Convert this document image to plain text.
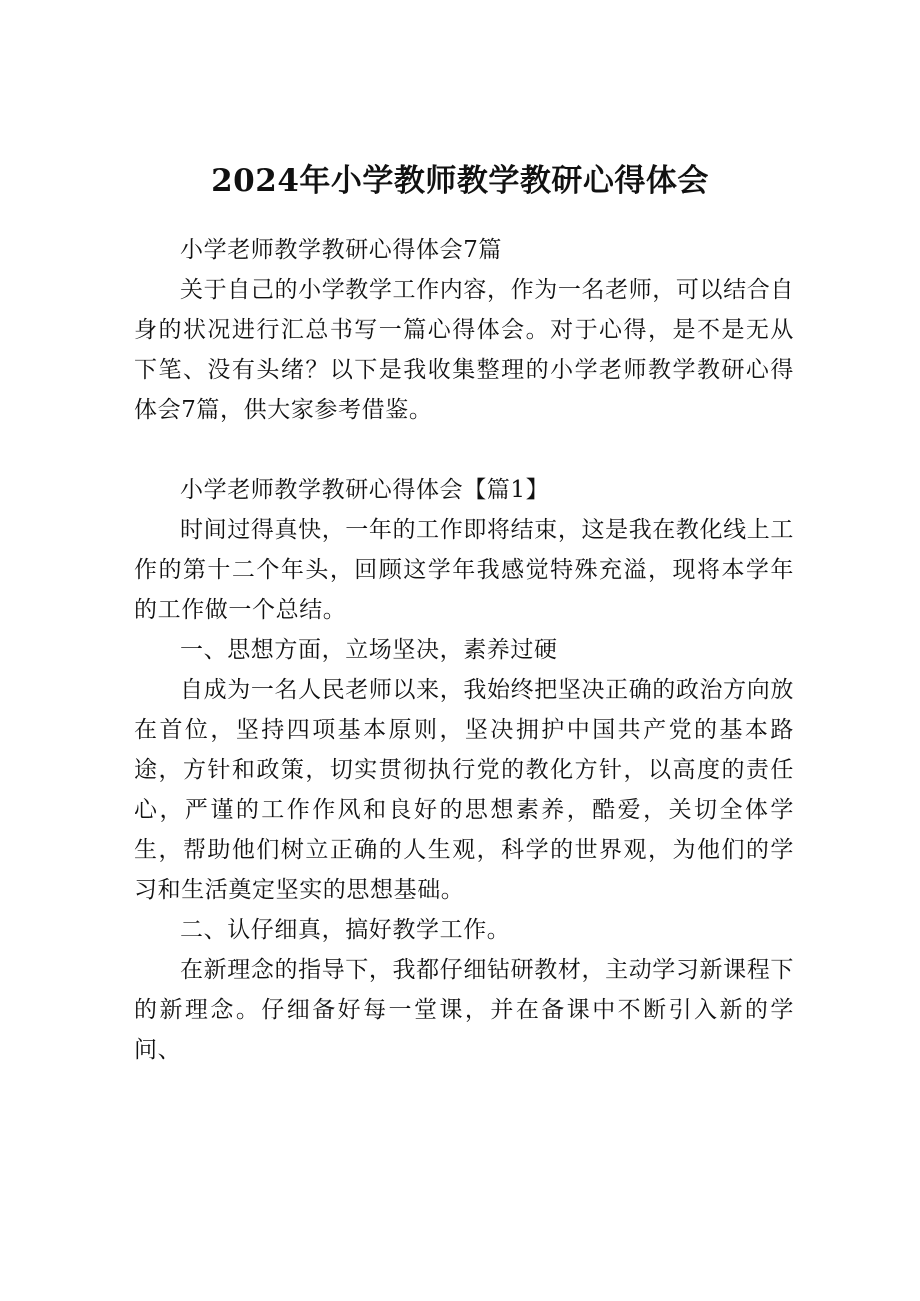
2024年小学教师教学教研心得体会

小学老师教学教研心得体会7篇

关于自己的小学教学工作内容，作为一名老师，可以结合自身的状况进行汇总书写一篇心得体会。对于心得，是不是无从下笔、没有头绪？以下是我收集整理的小学老师教学教研心得体会7篇，供大家参考借鉴。

小学老师教学教研心得体会【篇1】

时间过得真快，一年的工作即将结束，这是我在教化线上工作的第十二个年头，回顾这学年我感觉特殊充溢，现将本学年的工作做一个总结。

一、思想方面，立场坚决，素养过硬

自成为一名人民老师以来，我始终把坚决正确的政治方向放在首位，坚持四项基本原则，坚决拥护中国共产党的基本路途，方针和政策，切实贯彻执行党的教化方针，以高度的责任心，严谨的工作作风和良好的思想素养，酷爱，关切全体学生，帮助他们树立正确的人生观，科学的世界观，为他们的学习和生活奠定坚实的思想基础。

二、认仔细真，搞好教学工作。

在新理念的指导下，我都仔细钻研教材，主动学习新课程下的新理念。仔细备好每一堂课，并在备课中不断引入新的学问、
